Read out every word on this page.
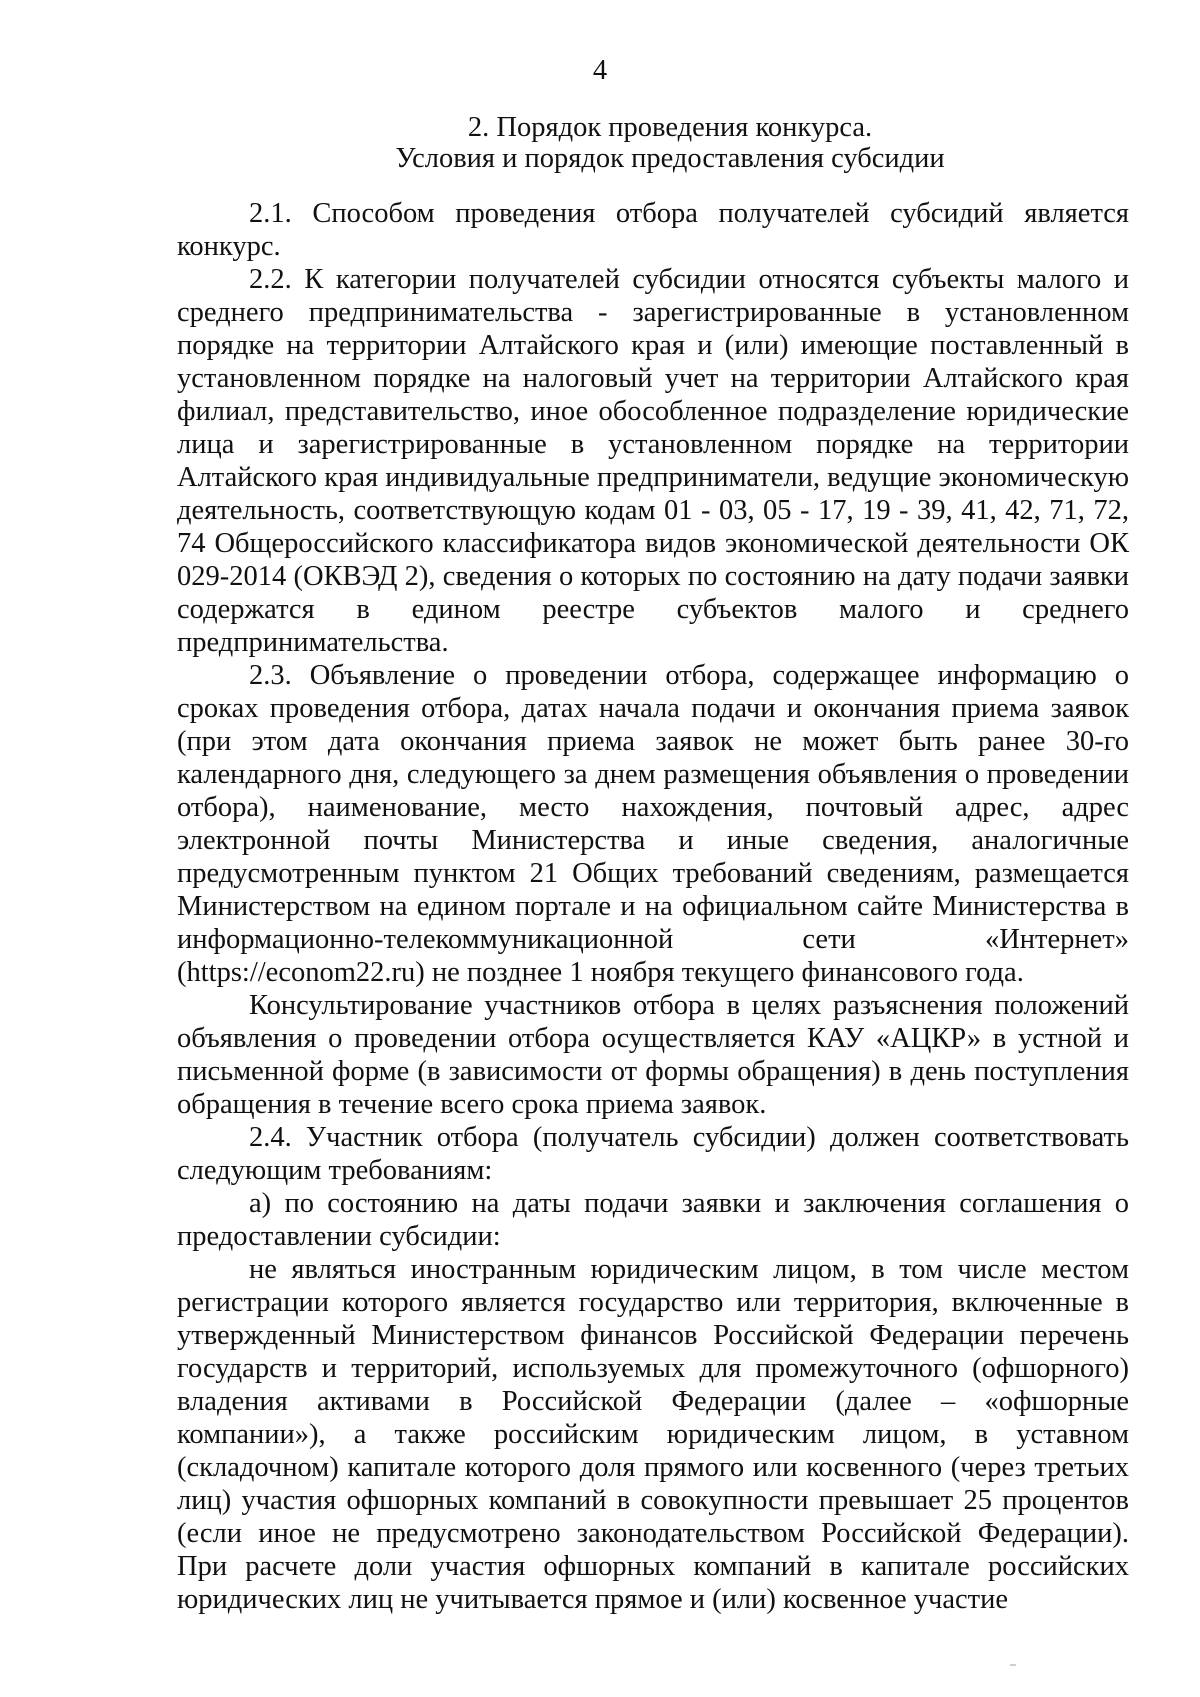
4
2. Порядок проведения конкурса.
Условия и порядок предоставления субсидии

2.1. Способом проведения отбора получателей субсидий является конкурс.

2.2. К категории получателей субсидии относятся субъекты малого и среднего предпринимательства - зарегистрированные в установленном порядке на территории Алтайского края и (или) имеющие поставленный в установленном порядке на налоговый учет на территории Алтайского края филиал, представительство, иное обособленное подразделение юридические лица и зарегистрированные в установленном порядке на территории Алтайского края индивидуальные предприниматели, ведущие экономическую деятельность, соответствующую кодам 01 - 03, 05 - 17, 19 - 39, 41, 42, 71, 72, 74 Общероссийского классификатора видов экономической деятельности ОК 029-2014 (ОКВЭД 2), сведения о которых по состоянию на дату подачи заявки содержатся в едином реестре субъектов малого и среднего предпринимательства.

2.3. Объявление о проведении отбора, содержащее информацию о сроках проведения отбора, датах начала подачи и окончания приема заявок (при этом дата окончания приема заявок не может быть ранее 30-го календарного дня, следующего за днем размещения объявления о проведении отбора), наименование, место нахождения, почтовый адрес, адрес электронной почты Министерства и иные сведения, аналогичные предусмотренным пунктом 21 Общих требований сведениям, размещается Министерством на едином портале и на официальном сайте Министерства в информационно-телекоммуникационной сети «Интернет» (https://econom22.ru) не позднее 1 ноября текущего финансового года.

Консультирование участников отбора в целях разъяснения положений объявления о проведении отбора осуществляется КАУ «АЦКР» в устной и письменной форме (в зависимости от формы обращения) в день поступления обращения в течение всего срока приема заявок.

2.4. Участник отбора (получатель субсидии) должен соответствовать следующим требованиям:

а) по состоянию на даты подачи заявки и заключения соглашения о предоставлении субсидии:

не являться иностранным юридическим лицом, в том числе местом регистрации которого является государство или территория, включенные в утвержденный Министерством финансов Российской Федерации перечень государств и территорий, используемых для промежуточного (офшорного) владения активами в Российской Федерации (далее – «офшорные компании»), а также российским юридическим лицом, в уставном (складочном) капитале которого доля прямого или косвенного (через третьих лиц) участия офшорных компаний в совокупности превышает 25 процентов (если иное не предусмотрено законодательством Российской Федерации). При расчете доли участия офшорных компаний в капитале российских юридических лиц не учитывается прямое и (или) косвенное участие
